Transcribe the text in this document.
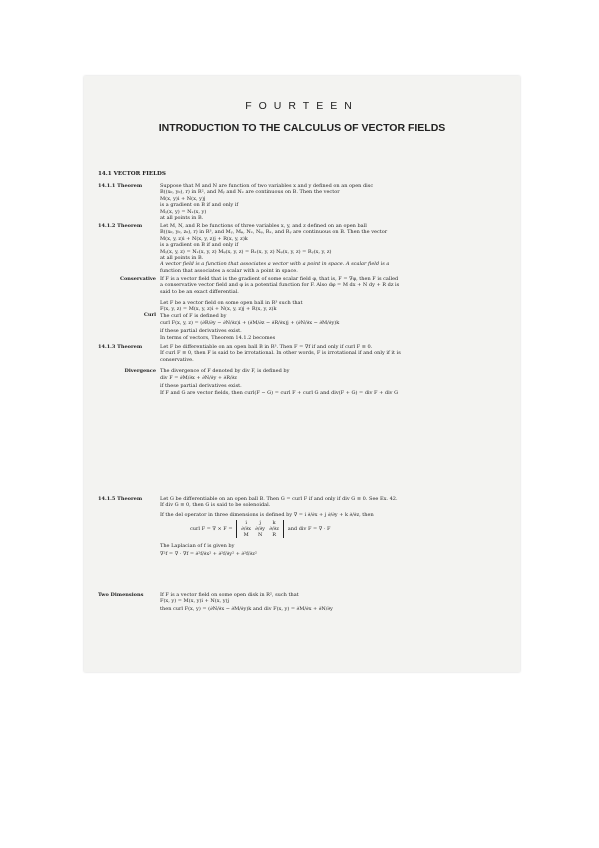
FOURTEEN
INTRODUCTION TO THE CALCULUS OF VECTOR FIELDS
14.1 VECTOR FIELDS
14.1.1 Theorem	Suppose that M and N are function of two variables x and y defined on an open disc
B((x₀, y₀), r) in R², and Mᵧ and Nₓ are continuous on B. Then the vector
M(x, y)i + N(x, y)j
is a gradient on B if and only if
Mᵧ(x, y) = Nₓ(x, y)
at all points in B.
14.1.2 Theorem	Let M, N, and R be functions of three variables x, y, and z defined on an open ball
B((x₀, y₀, z₀), r) in R³, and Mᵧ, Mᵩ, Nₓ, Nᵩ, Rₓ, and Rᵧ are continuous on B. Then the vector
M(x, y, z)i + N(x, y, z)j + R(x, y, z)k
is a gradient on B if and only if
Mᵧ(x, y, z) = Nₓ(x, y, z) Mᵩ(x, y, z) = Rₓ(x, y, z) Nᵩ(x, y, z) = Rᵧ(x, y, z)
at all points in B.
A vector field is a function that associates a vector with a point in space. A scalar field is a
function that associates a scalar with a point in space.
Conservative If F is a vector field that is the gradient of some scalar field φ, that is, F = ∇φ, then F is called
a conservative vector field and φ is a potential function for F. Also dφ = M dx + N dy + R dz is
said to be an exact differential.
Curl
Let F be a vector field on some open ball in R³ such that
F(x, y, z) = M(x, y, z)i + N(x, y, z)j + R(x, y, z)k
The curl of F is defined by
curl F(x, y, z) = (∂R/∂y − ∂N/∂z)i + (∂M/∂z − ∂R/∂x)j + (∂N/∂x − ∂M/∂y)k
if these partial derivatives exist.
In terms of vectors, Theorem 14.1.2 becomes
14.1.3 Theorem	Let F be differentiable on an open ball B in R³. Then F = ∇f if and only if curl F ≡ 0.
If curl F ≡ 0, then F is said to be irrotational. In other words, F is irrotational if and only if it is
conservative.
Divergence The divergence of F denoted by div F, is defined by
div F = ∂M/∂x + ∂N/∂y + ∂R/∂z
if these partial derivatives exist.
If F and G are vector fields, then curl(F − G) = curl F + curl G and div(F + G) = div F + div G
14.1.5 Theorem	Let G be differentiable on an open ball B. Then G = curl F if and only if div G ≡ 0. See Ex. 42.
If div G ≡ 0, then G is said to be solenoidal.
If the del operator in three dimensions is defined by ∇ = i ∂/∂x + j ∂/∂y + k ∂/∂z, then
curl F = ∇ × F = i j k
∂/∂x ∂/∂y ∂/∂z
M N R and div F = ∇ · F
The Laplacian of f is given by
∇²f = ∇ · ∇f = ∂²f/∂x² + ∂²f/∂y² + ∂²f/∂z²
Two Dimensions	If F is a vector field on some open disk in R², such that
F(x, y) = M(x, y)i + N(x, y)j
then curl F(x, y) = (∂N/∂x − ∂M/∂y)k and div F(x, y) = ∂M/∂x + ∂N/∂y
